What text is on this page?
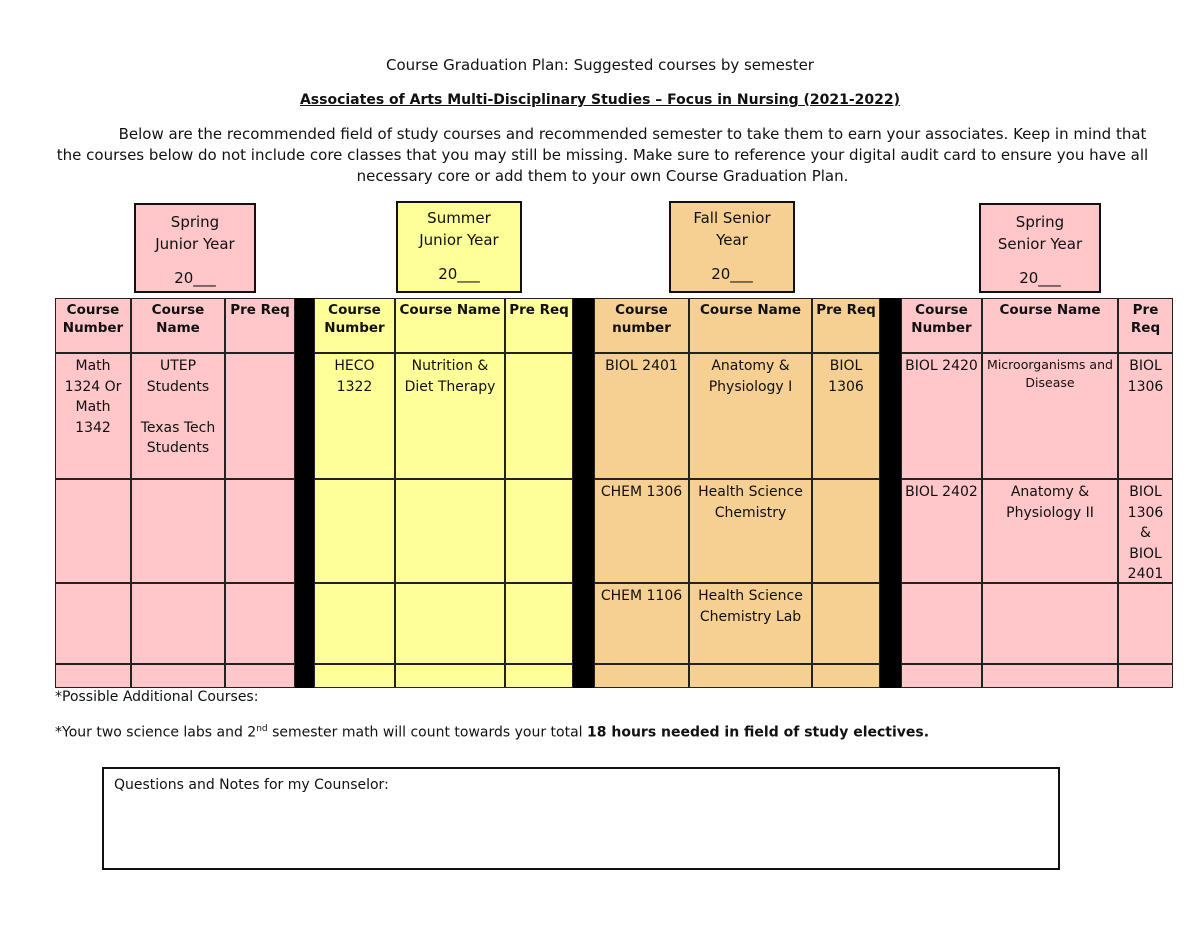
Course Graduation Plan: Suggested courses by semester
Associates of Arts Multi-Disciplinary Studies – Focus in Nursing (2021-2022)
Below are the recommended field of study courses and recommended semester to take them to earn your associates. Keep in mind that the courses below do not include core classes that you may still be missing. Make sure to reference your digital audit card to ensure you have all necessary core or add them to your own Course Graduation Plan.
Spring
Junior Year
20___
Summer
Junior Year
20___
Fall Senior
Year
20___
Spring
Senior Year
20___
Course Number
Math 1324 Or Math 1342
Course Name
UTEP Students

Texas Tech Students
Pre Req	Course Number
HECO 1322
Course Name
Nutrition & Diet Therapy
Pre Req	Course number
BIOL 2401
CHEM 1306
CHEM 1106
Course Name
Anatomy & Physiology I
Health Science Chemistry
Health Science Chemistry Lab
Pre Req
BIOL 1306
Course Number
BIOL 2420
BIOL 2402
Course Name
Microorganisms and Disease
Anatomy & Physiology II
Pre Req
BIOL 1306
BIOL 1306 & BIOL 2401
*Possible Additional Courses:
*Your two science labs and 2nd semester math will count towards your total 18 hours needed in field of study electives.
Questions and Notes for my Counselor:
